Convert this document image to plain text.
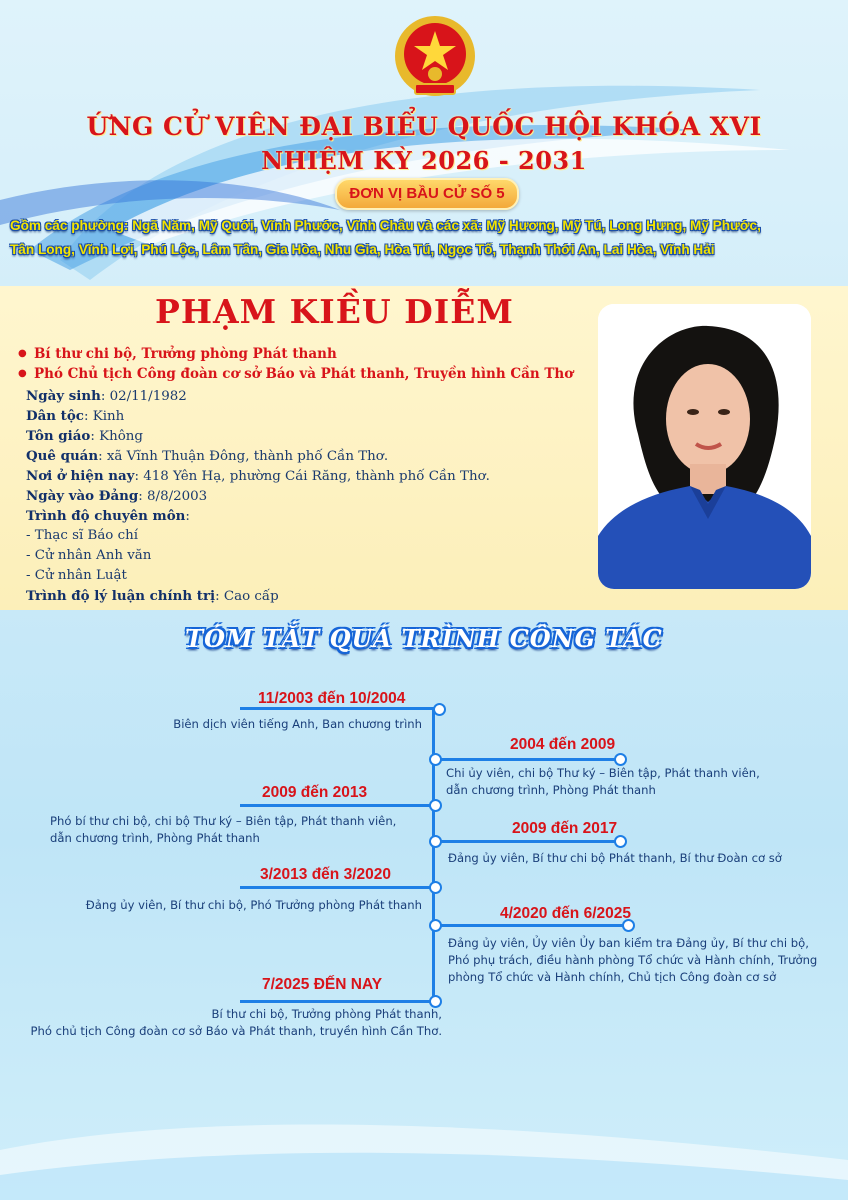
ỨNG CỬ VIÊN ĐẠI BIỂU QUỐC HỘI KHÓA XVI
NHIỆM KỲ 2026 - 2031
ĐƠN VỊ BẦU CỬ SỐ 5
Gồm các phường: Ngã Năm, Mỹ Quới, Vĩnh Phước, Vĩnh Châu và các xã: Mỹ Hương, Mỹ Tú, Long Hưng, Mỹ Phước,
Tân Long, Vĩnh Lợi, Phú Lộc, Lâm Tân, Gia Hòa, Nhu Gia, Hòa Tú, Ngọc Tố, Thạnh Thới An, Lai Hòa, Vĩnh Hải
PHẠM KIỀU DIỄM
● Bí thư chi bộ, Trưởng phòng Phát thanh
● Phó Chủ tịch Công đoàn cơ sở Báo và Phát thanh, Truyền hình Cần Thơ
Ngày sinh: 02/11/1982
Dân tộc: Kinh
Tôn giáo: Không
Quê quán: xã Vĩnh Thuận Đông, thành phố Cần Thơ.
Nơi ở hiện nay: 418 Yên Hạ, phường Cái Răng, thành phố Cần Thơ.
Ngày vào Đảng: 8/8/2003
Trình độ chuyên môn:
- Thạc sĩ Báo chí
- Cử nhân Anh văn
- Cử nhân Luật
Trình độ lý luận chính trị: Cao cấp
TÓM TẮT QUÁ TRÌNH CÔNG TÁC
11/2003 đến 10/2004
Biên dịch viên tiếng Anh, Ban chương trình
2004 đến 2009
Chi ủy viên, chi bộ Thư ký – Biên tập, Phát thanh viên,
dẫn chương trình, Phòng Phát thanh
2009 đến 2013
Phó bí thư chi bộ, chi bộ Thư ký – Biên tập, Phát thanh viên,
dẫn chương trình, Phòng Phát thanh
2009 đến 2017
Đảng ủy viên, Bí thư chi bộ Phát thanh, Bí thư Đoàn cơ sở
3/2013 đến 3/2020
Đảng ủy viên, Bí thư chi bộ, Phó Trưởng phòng Phát thanh	4/2020 đến 6/2025
Đảng ủy viên, Ủy viên Ủy ban kiểm tra Đảng ủy, Bí thư chi bộ,
Phó phụ trách, điều hành phòng Tổ chức và Hành chính, Trưởng
phòng Tổ chức và Hành chính, Chủ tịch Công đoàn cơ sở
7/2025 ĐẾN NAY
Bí thư chi bộ, Trưởng phòng Phát thanh,
Phó chủ tịch Công đoàn cơ sở Báo và Phát thanh, truyền hình Cần Thơ.
